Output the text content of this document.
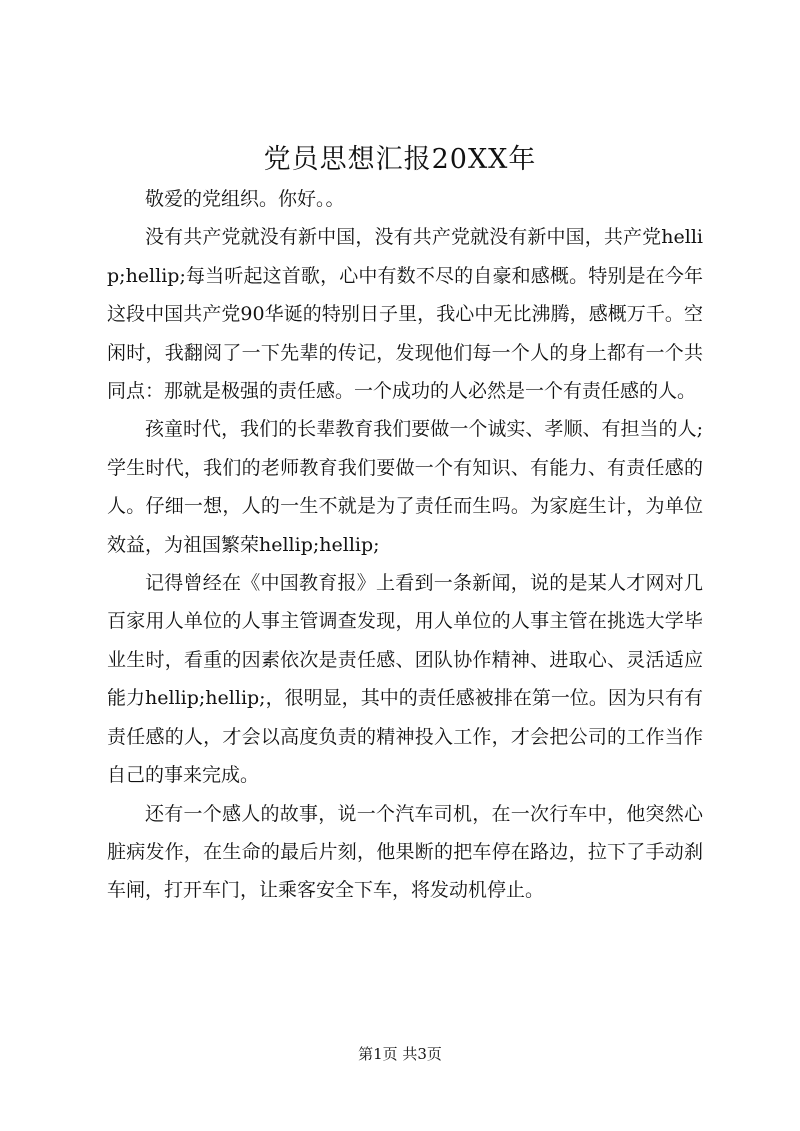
党员思想汇报20XX年

敬爱的党组织。你好。。

没有共产党就没有新中国，没有共产党就没有新中国，共产党hellip;hellip;每当听起这首歌，心中有数不尽的自豪和感概。特别是在今年这段中国共产党90华诞的特别日子里，我心中无比沸腾，感概万千。空闲时，我翻阅了一下先辈的传记，发现他们每一个人的身上都有一个共同点：那就是极强的责任感。一个成功的人必然是一个有责任感的人。

孩童时代，我们的长辈教育我们要做一个诚实、孝顺、有担当的人;学生时代，我们的老师教育我们要做一个有知识、有能力、有责任感的人。仔细一想，人的一生不就是为了责任而生吗。为家庭生计，为单位效益，为祖国繁荣hellip;hellip;

记得曾经在《中国教育报》上看到一条新闻，说的是某人才网对几百家用人单位的人事主管调查发现，用人单位的人事主管在挑选大学毕业生时，看重的因素依次是责任感、团队协作精神、进取心、灵活适应能力hellip;hellip;，很明显，其中的责任感被排在第一位。因为只有有责任感的人，才会以高度负责的精神投入工作，才会把公司的工作当作自己的事来完成。

还有一个感人的故事，说一个汽车司机，在一次行车中，他突然心脏病发作，在生命的最后片刻，他果断的把车停在路边，拉下了手动刹车闸，打开车门，让乘客安全下车，将发动机停止。

第1页 共3页
